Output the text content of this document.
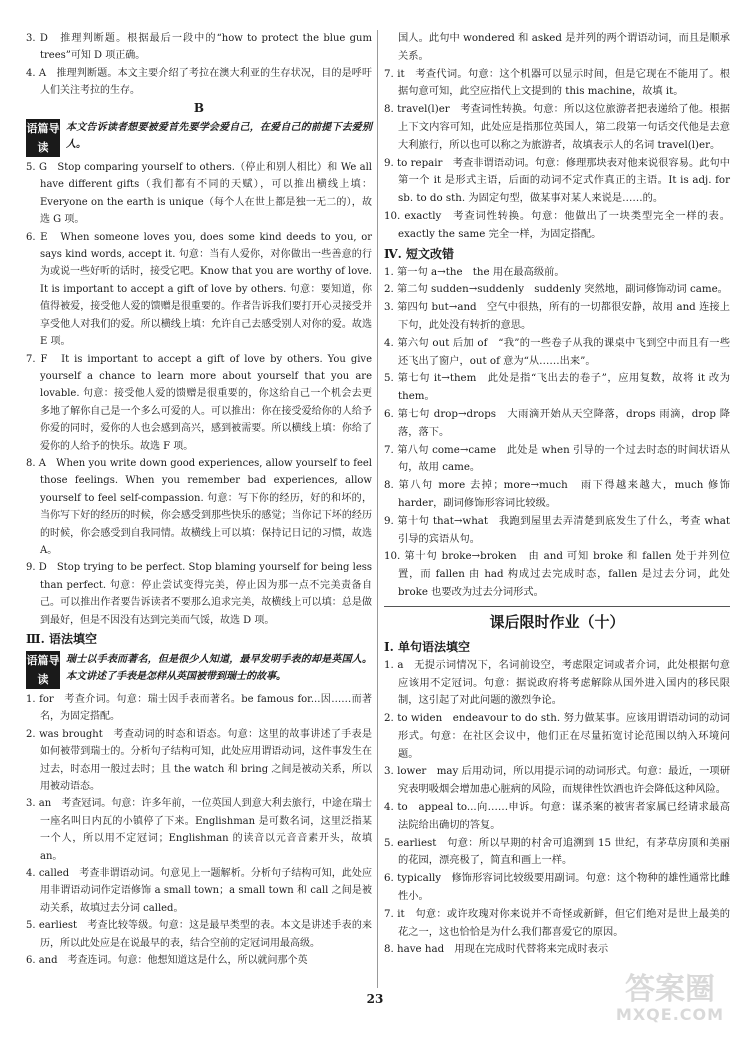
3. D　推理判断题。根据最后一段中的“how to protect the blue gum trees”可知 D 项正确。

4. A　推理判断题。本文主要介绍了考拉在澳大利亚的生存状况，目的是呼吁人们关注考拉的生存。

B

语篇导读
本文告诉读者想要被爱首先要学会爱自己，在爱自己的前提下去爱别人。

5. G　Stop comparing yourself to others.（停止和别人相比）和 We all have different gifts（我们都有不同的天赋），可以推出横线上填：Everyone on the earth is unique（每个人在世上都是独一无二的），故选 G 项。

6. E　When someone loves you, does some kind deeds to you, or says kind words, accept it. 句意：当有人爱你，对你做出一些善意的行为或说一些好听的话时，接受它吧。Know that you are worthy of love. It is important to accept a gift of love by others. 句意：要知道，你值得被爱，接受他人爱的馈赠是很重要的。作者告诉我们要打开心灵接受并享受他人对我们的爱。所以横线上填：允许自己去感受别人对你的爱。故选 E 项。

7. F　It is important to accept a gift of love by others. You give yourself a chance to learn more about yourself that you are lovable. 句意：接受他人爱的馈赠是很重要的，你这给自己一个机会去更多地了解你自己是一个多么可爱的人。可以推出：你在接受爱给你的人给予你爱的同时，爱你的人也会感到高兴，感到被需要。所以横线上填：你给了爱你的人给予的快乐。故选 F 项。

8. A　When you write down good experiences, allow yourself to feel those feelings. When you remember bad experiences, allow yourself to feel self-compassion. 句意：写下你的经历，好的和坏的，当你写下好的经历的时候，你会感受到那些快乐的感觉；当你记下坏的经历的时候，你会感受到自我同情。故横线上可以填：保持记日记的习惯，故选 A。

9. D　Stop trying to be perfect. Stop blaming yourself for being less than perfect. 句意：停止尝试变得完美，停止因为那一点不完美责备自己。可以推出作者要告诉读者不要那么追求完美，故横线上可以填：总是做到最好，但是不因没有达到完美而气馁，故选 D 项。

Ⅲ. 语法填空

语篇导读
瑞士以手表而著名，但是很少人知道，最早发明手表的却是英国人。本文讲述了手表是怎样从英国被带到瑞士的故事。

1. for　考查介词。句意：瑞士因手表而著名。be famous for...因……而著名，为固定搭配。

2. was brought　考查动词的时态和语态。句意：这里的故事讲述了手表是如何被带到瑞士的。分析句子结构可知，此处应用谓语动词，这件事发生在过去，时态用一般过去时；且 the watch 和 bring 之间是被动关系，所以用被动语态。

3. an　考查冠词。句意：许多年前，一位英国人到意大利去旅行，中途在瑞士一座名叫日内瓦的小镇停了下来。Englishman 是可数名词，这里泛指某一个人，所以用不定冠词；Englishman 的读音以元音音素开头，故填 an。

4. called　考查非谓语动词。句意见上一题解析。分析句子结构可知，此处应用非谓语动词作定语修饰 a small town；a small town 和 call 之间是被动关系，故填过去分词 called。

5. earliest　考查比较等级。句意：这是最早类型的表。本文是讲述手表的来历，所以此处应是在说最早的表，结合空前的定冠词用最高级。

6. and　考查连词。句意：他想知道这是什么，所以就问那个英

国人。此句中 wondered 和 asked 是并列的两个谓语动词，而且是顺承关系。

7. it　考查代词。句意：这个机器可以显示时间，但是它现在不能用了。根据句意可知，此空应指代上文提到的 this machine，故填 it。

8. travel(l)er　考查词性转换。句意：所以这位旅游者把表递给了他。根据上下文内容可知，此处应是指那位英国人，第二段第一句话交代他是去意大利旅行，所以也可以称之为旅游者，故填表示人的名词 travel(l)er。

9. to repair　考查非谓语动词。句意：修理那块表对他来说很容易。此句中第一个 it 是形式主语，后面的动词不定式作真正的主语。It is adj. for sb. to do sth. 为固定句型，做某事对某人来说是……的。

10. exactly　考查词性转换。句意：他做出了一块类型完全一样的表。exactly the same 完全一样，为固定搭配。

Ⅳ. 短文改错

1. 第一句 a→the　the 用在最高级前。

2. 第二句 sudden→suddenly　suddenly 突然地，副词修饰动词 came。

3. 第四句 but→and　空气中很热，所有的一切都很安静，故用 and 连接上下句，此处没有转折的意思。

4. 第六句 out 后加 of　“我”的一些卷子从我的课桌中飞到空中而且有一些还飞出了窗户，out of 意为“从……出来”。

5. 第七句 it→them　此处是指“飞出去的卷子”，应用复数，故将 it 改为 them。

6. 第七句 drop→drops　大雨滴开始从天空降落，drops 雨滴，drop 降落，落下。

7. 第八句 come→came　此处是 when 引导的一个过去时态的时间状语从句，故用 came。

8. 第八句 more 去掉；more→much　雨下得越来越大，much 修饰 harder，副词修饰形容词比较级。

9. 第十句 that→what　我跑到屋里去弄清楚到底发生了什么，考查 what 引导的宾语从句。

10. 第十句 broke→broken　由 and 可知 broke 和 fallen 处于并列位置，而 fallen 由 had 构成过去完成时态，fallen 是过去分词，此处 broke 也要改为过去分词形式。

课后限时作业（十）

Ⅰ. 单句语法填空

1. a　无提示词情况下，名词前设空，考虑限定词或者介词，此处根据句意应该用不定冠词。句意：据说政府将考虑解除从国外进入国内的移民限制，这引起了对此问题的激烈争论。

2. to widen　endeavour to do sth. 努力做某事。应该用谓语动词的动词形式。句意：在社区会议中，他们正在尽量拓宽讨论范围以纳入环境问题。

3. lower　may 后用动词，所以用提示词的动词形式。句意：最近，一项研究表明吸烟会增加患心脏病的风险，而规律性饮酒也许会降低这种风险。

4. to　appeal to...向……申诉。句意：谋杀案的被害者家属已经请求最高法院给出确切的答复。

5. earliest　句意：所以早期的村舍可追溯到 15 世纪，有茅草房顶和美丽的花园，漂亮极了，简直和画上一样。

6. typically　修饰形容词比较级要用副词。句意：这个物种的雄性通常比雌性小。

7. it　句意：或许玫瑰对你来说并不奇怪或新鲜，但它们绝对是世上最美的花之一，这也恰恰是为什么我们都喜爱它的原因。

8. have had　用现在完成时代替将来完成时表示

23	答案圈
MXQE.COM
